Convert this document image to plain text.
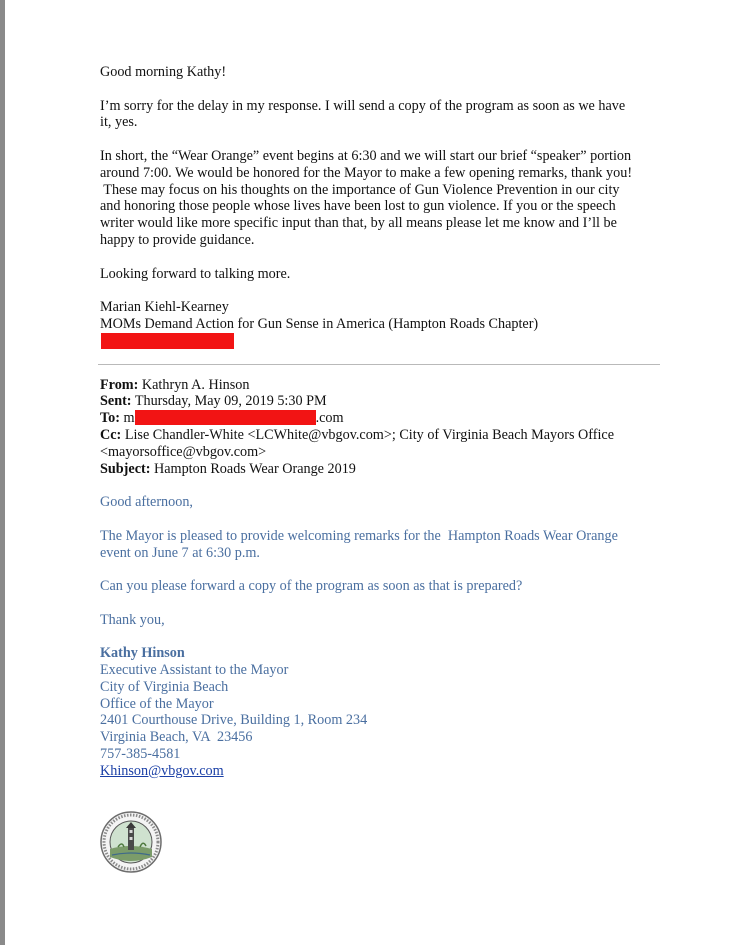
Good morning Kathy!
I’m sorry for the delay in my response. I will send a copy of the program as soon as we have
it, yes.
In short, the “Wear Orange” event begins at 6:30 and we will start our brief “speaker” portion
around 7:00. We would be honored for the Mayor to make a few opening remarks, thank you!
These may focus on his thoughts on the importance of Gun Violence Prevention in our city
and honoring those people whose lives have been lost to gun violence. If you or the speech
writer would like more specific input than that, by all means please let me know and I’ll be
happy to provide guidance.
Looking forward to talking more.
Marian Kiehl-Kearney
MOMs Demand Action for Gun Sense in America (Hampton Roads Chapter)
From: Kathryn A. Hinson
Sent: Thursday, May 09, 2019 5:30 PM
To: m	.com
Cc: Lise Chandler-White <LCWhite@vbgov.com>; City of Virginia Beach Mayors Office
<mayorsoffice@vbgov.com>
Subject: Hampton Roads Wear Orange 2019
Good afternoon,
The Mayor is pleased to provide welcoming remarks for the  Hampton Roads Wear Orange
event on June 7 at 6:30 p.m.
Can you please forward a copy of the program as soon as that is prepared?
Thank you,
Kathy Hinson
Executive Assistant to the Mayor
City of Virginia Beach
Office of the Mayor
2401 Courthouse Drive, Building 1, Room 234
Virginia Beach, VA  23456
757-385-4581
Khinson@vbgov.com
